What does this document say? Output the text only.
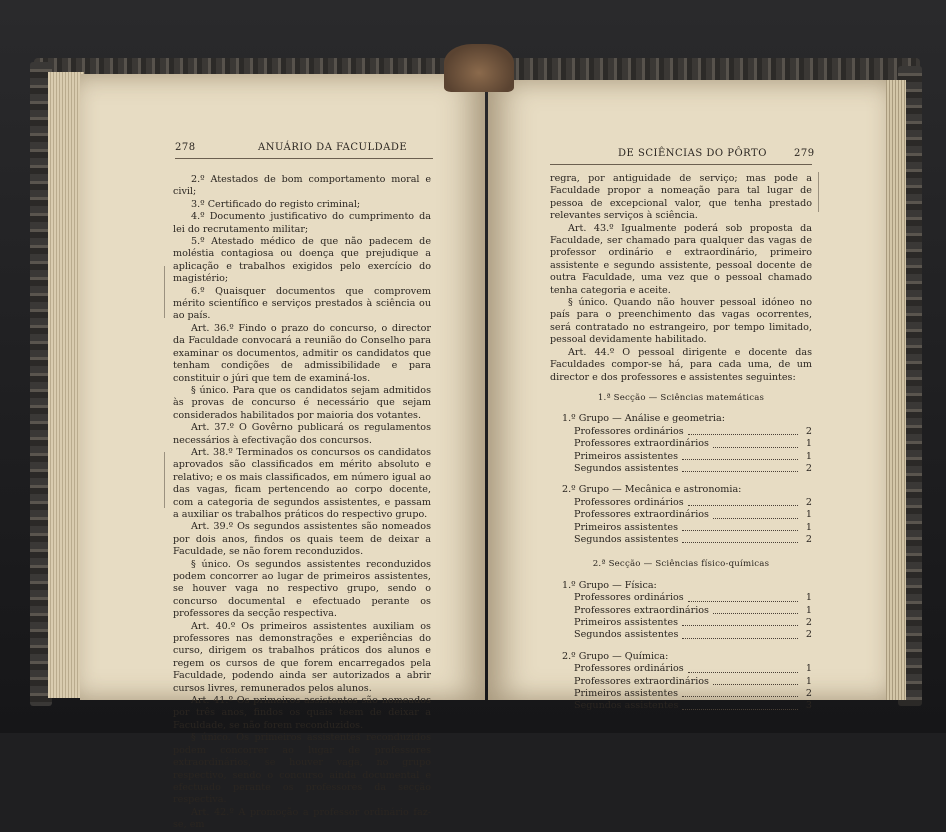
278	ANUÁRIO DA FACULDADE

2.º Atestados de bom comportamento moral e civil;

3.º Certificado do registo criminal;

4.º Documento justificativo do cumprimento da lei do recrutamento militar;

5.º Atestado médico de que não padecem de moléstia contagiosa ou doença que prejudique a aplicação e trabalhos exigidos pelo exercício do magistério;

6.º Quaisquer documentos que comprovem mérito scientífico e serviços prestados à sciência ou ao país.

Art. 36.º Findo o prazo do concurso, o director da Faculdade convocará a reunião do Conselho para examinar os documentos, admitir os candidatos que tenham condições de admissibilidade e para constituir o júri que tem de examiná-los.

§ único. Para que os candidatos sejam admitidos às provas de concurso é necessário que sejam considerados habilitados por maioria dos votantes.

Art. 37.º O Govêrno publicará os regulamentos necessários à efectivação dos concursos.

Art. 38.º Terminados os concursos os candidatos aprovados são classificados em mérito absoluto e relativo; e os mais classificados, em número igual ao das vagas, ficam pertencendo ao corpo docente, com a categoria de segundos assistentes, e passam a auxiliar os trabalhos práticos do respectivo grupo.

Art. 39.º Os segundos assistentes são nomeados por dois anos, findos os quais teem de deixar a Faculdade, se não forem reconduzidos.

§ único. Os segundos assistentes reconduzidos podem concorrer ao lugar de primeiros assistentes, se houver vaga no respectivo grupo, sendo o concurso documental e efectuado perante os professores da secção respectiva.

Art. 40.º Os primeiros assistentes auxiliam os professores nas demonstrações e experiências do curso, dirigem os trabalhos práticos dos alunos e regem os cursos de que forem encarregados pela Faculdade, podendo ainda ser autorizados a abrir cursos livres, remunerados pelos alunos.

Art. 41.º Os primeiros assistentes são nomeados por três anos, findos os quais teem de deixar a Faculdade, se não forem reconduzidos.

§ único. Os primeiros assistentes reconduzidos podem concorrer ao lugar de professores extraordinários, se houver vaga, no grupo respectivo, sendo o concurso ainda documental e efectuado perante os professores da secção respectiva.

Art. 42.º A promoção a professor ordinário faz-se, em

DE SCIÊNCIAS DO PÔRTO	279

regra, por antiguidade de serviço; mas pode a Faculdade propor a nomeação para tal lugar de pessoa de excepcional valor, que tenha prestado relevantes serviços à sciência.

Art. 43.º Igualmente poderá sob proposta da Faculdade, ser chamado para qualquer das vagas de professor ordinário e extraordinário, primeiro assistente e segundo assistente, pessoal docente de outra Faculdade, uma vez que o pessoal chamado tenha categoria e aceite.

§ único. Quando não houver pessoal idóneo no país para o preenchimento das vagas ocorrentes, será contratado no estrangeiro, por tempo limitado, pessoal devidamente habilitado.

Art. 44.º O pessoal dirigente e docente das Faculdades compor-se há, para cada uma, de um director e dos professores e assistentes seguintes:

1.ª Secção — Sciências matemáticas
1.º Grupo — Análise e geometria:
Professores ordinários	2
Professores extraordinários	1
Primeiros assistentes	1
Segundos assistentes	2
2.º Grupo — Mecânica e astronomia:
Professores ordinários	2
Professores extraordinários	1
Primeiros assistentes	1
Segundos assistentes	2
2.ª Secção — Sciências físico-químicas
1.º Grupo — Física:
Professores ordinários	1
Professores extraordinários	1
Primeiros assistentes	2
Segundos assistentes	2
2.º Grupo — Química:
Professores ordinários	1
Professores extraordinários	1
Primeiros assistentes	2
Segundos assistentes	3
